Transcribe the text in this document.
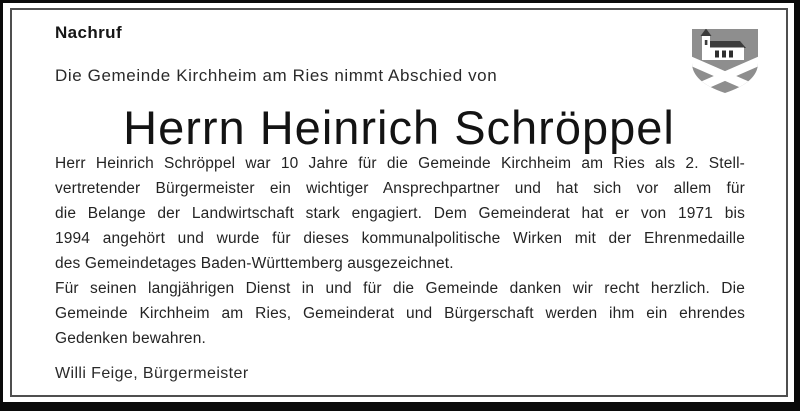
Nachruf
Die Gemeinde Kirchheim am Ries nimmt Abschied von
Herrn Heinrich Schröppel
Herr Heinrich Schröppel war 10 Jahre für die Gemeinde Kirchheim am Ries als 2. Stell-
vertretender Bürgermeister ein wichtiger Ansprechpartner und hat sich vor allem für
die Belange der Landwirtschaft stark engagiert. Dem Gemeinderat hat er von 1971 bis
1994 angehört und wurde für dieses kommunalpolitische Wirken mit der Ehrenmedaille
des Gemeindetages Baden-Württemberg ausgezeichnet.
Für seinen langjährigen Dienst in und für die Gemeinde danken wir recht herzlich. Die
Gemeinde Kirchheim am Ries, Gemeinderat und Bürgerschaft werden ihm ein ehrendes
Gedenken bewahren.
Willi Feige, Bürgermeister
